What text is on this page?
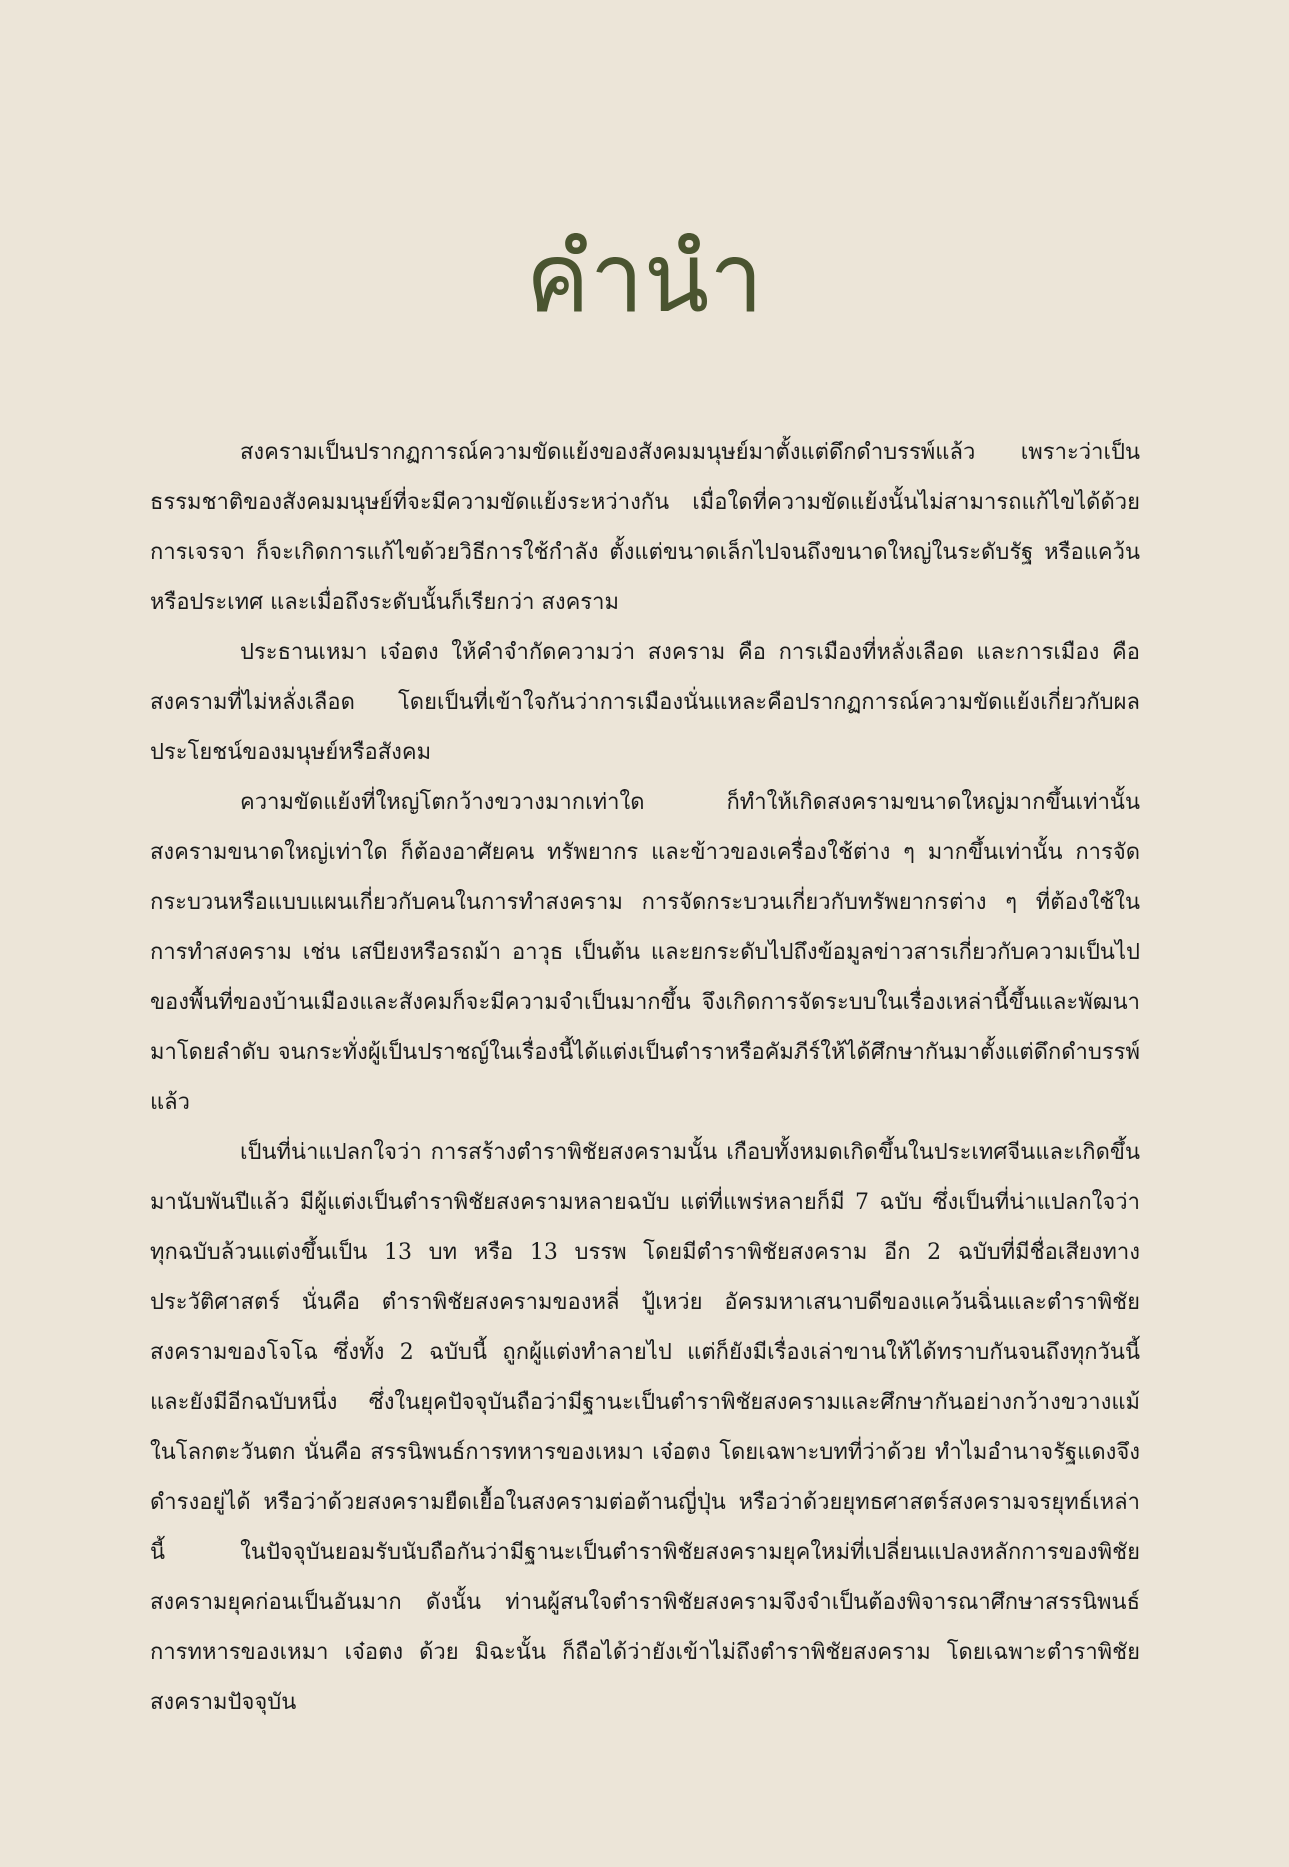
คำนำ

สงครามเป็นปรากฏการณ์ความขัดแย้งของสังคมมนุษย์มาตั้งแต่ดึกดำบรรพ์แล้ว เพราะว่าเป็นธรรมชาติของสังคมมนุษย์ที่จะมีความขัดแย้งระหว่างกัน เมื่อใดที่ความขัดแย้งนั้นไม่สามารถแก้ไขได้ด้วยการเจรจา ก็จะเกิดการแก้ไขด้วยวิธีการใช้กำลัง ตั้งแต่ขนาดเล็กไปจนถึงขนาดใหญ่ในระดับรัฐ หรือแคว้น หรือประเทศ และเมื่อถึงระดับนั้นก็เรียกว่า สงคราม

ประธานเหมา เจ๋อตง ให้คำจำกัดความว่า สงคราม คือ การเมืองที่หลั่งเลือด และการเมือง คือ สงครามที่ไม่หลั่งเลือด โดยเป็นที่เข้าใจกันว่าการเมืองนั่นแหละคือปรากฏการณ์ความขัดแย้งเกี่ยวกับผลประโยชน์ของมนุษย์หรือสังคม

ความขัดแย้งที่ใหญ่โตกว้างขวางมากเท่าใด ก็ทำให้เกิดสงครามขนาดใหญ่มากขึ้นเท่านั้น สงครามขนาดใหญ่เท่าใด ก็ต้องอาศัยคน ทรัพยากร และข้าวของเครื่องใช้ต่าง ๆ มากขึ้นเท่านั้น การจัดกระบวนหรือแบบแผนเกี่ยวกับคนในการทำสงคราม การจัดกระบวนเกี่ยวกับทรัพยากรต่าง ๆ ที่ต้องใช้ในการทำสงคราม เช่น เสบียงหรือรถม้า อาวุธ เป็นต้น และยกระดับไปถึงข้อมูลข่าวสารเกี่ยวกับความเป็นไปของพื้นที่ของบ้านเมืองและสังคมก็จะมีความจำเป็นมากขึ้น จึงเกิดการจัดระบบในเรื่องเหล่านี้ขึ้นและพัฒนามาโดยลำดับ จนกระทั่งผู้เป็นปราชญ์ในเรื่องนี้ได้แต่งเป็นตำราหรือคัมภีร์ให้ได้ศึกษากันมาตั้งแต่ดึกดำบรรพ์แล้ว

เป็นที่น่าแปลกใจว่า การสร้างตำราพิชัยสงครามนั้น เกือบทั้งหมดเกิดขึ้นในประเทศจีนและเกิดขึ้นมานับพันปีแล้ว มีผู้แต่งเป็นตำราพิชัยสงครามหลายฉบับ แต่ที่แพร่หลายก็มี 7 ฉบับ ซึ่งเป็นที่น่าแปลกใจว่าทุกฉบับล้วนแต่งขึ้นเป็น 13 บท หรือ 13 บรรพ โดยมีตำราพิชัยสงคราม อีก 2 ฉบับที่มีชื่อเสียงทางประวัติศาสตร์ นั่นคือ ตำราพิชัยสงครามของหลี่ ปู้เหว่ย อัครมหาเสนาบดีของแคว้นฉิ่นและตำราพิชัยสงครามของโจโฉ ซึ่งทั้ง 2 ฉบับนี้ ถูกผู้แต่งทำลายไป แต่ก็ยังมีเรื่องเล่าขานให้ได้ทราบกันจนถึงทุกวันนี้ และยังมีอีกฉบับหนึ่ง ซึ่งในยุคปัจจุบันถือว่ามีฐานะเป็นตำราพิชัยสงครามและศึกษากันอย่างกว้างขวางแม้ในโลกตะวันตก นั่นคือ สรรนิพนธ์การทหารของเหมา เจ๋อตง โดยเฉพาะบทที่ว่าด้วย ทำไมอำนาจรัฐแดงจึงดำรงอยู่ได้ หรือว่าด้วยสงครามยืดเยื้อในสงครามต่อต้านญี่ปุ่น หรือว่าด้วยยุทธศาสตร์สงครามจรยุทธ์เหล่านี้ ในปัจจุบันยอมรับนับถือกันว่ามีฐานะเป็นตำราพิชัยสงครามยุคใหม่ที่เปลี่ยนแปลงหลักการของพิชัยสงครามยุคก่อนเป็นอันมาก ดังนั้น ท่านผู้สนใจตำราพิชัยสงครามจึงจำเป็นต้องพิจารณาศึกษาสรรนิพนธ์การทหารของเหมา เจ๋อตง ด้วย มิฉะนั้น ก็ถือได้ว่ายังเข้าไม่ถึงตำราพิชัยสงคราม โดยเฉพาะตำราพิชัยสงครามปัจจุบัน
